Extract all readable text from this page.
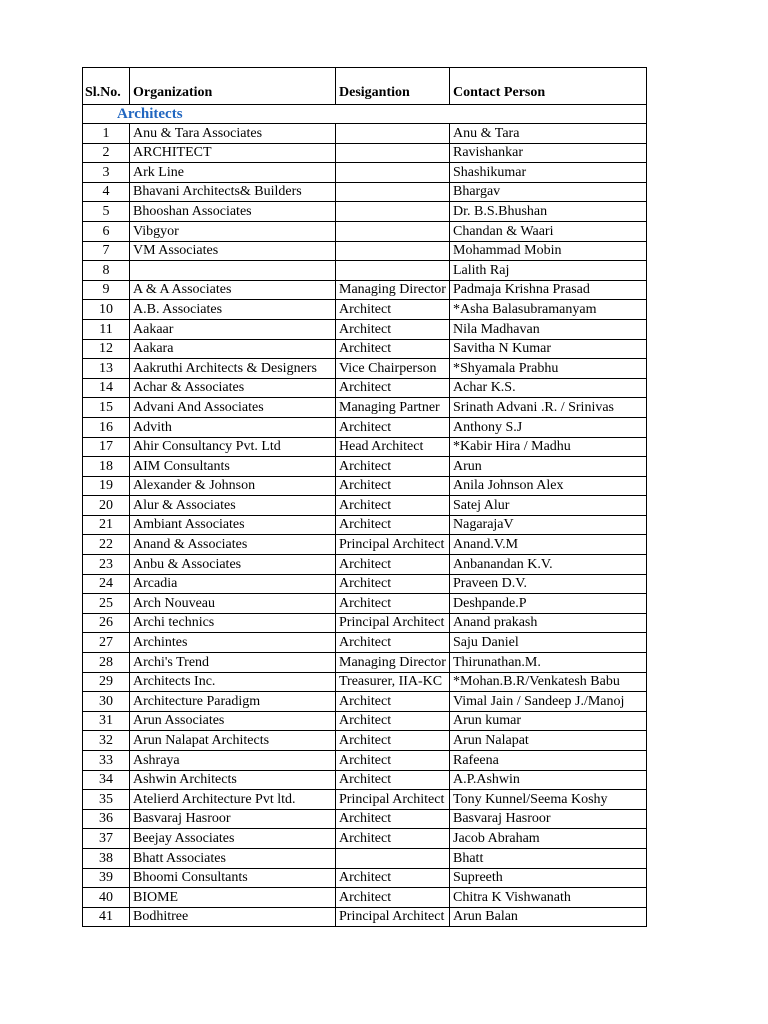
Sl.No.	Organization	Desigantion	Contact Person
Architects			
1	Anu & Tara Associates		Anu & Tara
2	ARCHITECT		Ravishankar
3	Ark Line		Shashikumar
4	Bhavani Architects& Builders		Bhargav
5	Bhooshan Associates		Dr. B.S.Bhushan
6	Vibgyor		Chandan & Waari
7	VM Associates		Mohammad Mobin
8			Lalith Raj
9	A & A Associates	Managing Director	Padmaja Krishna Prasad
10	A.B. Associates	Architect	*Asha Balasubramanyam
11	Aakaar	Architect	Nila Madhavan
12	Aakara	Architect	Savitha N Kumar
13	Aakruthi Architects & Designers	Vice Chairperson	*Shyamala Prabhu
14	Achar & Associates	Architect	Achar K.S.
15	Advani And Associates	Managing Partner	Srinath Advani .R. / Srinivas
16	Advith	Architect	Anthony S.J
17	Ahir Consultancy Pvt. Ltd	Head Architect	*Kabir Hira / Madhu
18	AIM Consultants	Architect	Arun
19	Alexander & Johnson	Architect	Anila Johnson Alex
20	Alur & Associates	Architect	Satej Alur
21	Ambiant Associates	Architect	NagarajaV
22	Anand & Associates	Principal Architect	Anand.V.M
23	Anbu & Associates	Architect	Anbanandan K.V.
24	Arcadia	Architect	Praveen D.V.
25	Arch Nouveau	Architect	Deshpande.P
26	Archi technics	Principal Architect	Anand prakash
27	Archintes	Architect	Saju Daniel
28	Archi's Trend	Managing Director	Thirunathan.M.
29	Architects Inc.	Treasurer, IIA-KC	*Mohan.B.R/Venkatesh Babu
30	Architecture Paradigm	Architect	Vimal Jain / Sandeep J./Manoj
31	Arun Associates	Architect	Arun kumar
32	Arun Nalapat Architects	Architect	Arun Nalapat
33	Ashraya	Architect	Rafeena
34	Ashwin Architects	Architect	A.P.Ashwin
35	Atelierd Architecture Pvt ltd.	Principal Architect	Tony Kunnel/Seema Koshy
36	Basvaraj Hasroor	Architect	Basvaraj Hasroor
37	Beejay Associates	Architect	Jacob Abraham
38	Bhatt Associates		Bhatt
39	Bhoomi Consultants	Architect	Supreeth
40	BIOME	Architect	Chitra K Vishwanath
41	Bodhitree	Principal Architect	Arun Balan
